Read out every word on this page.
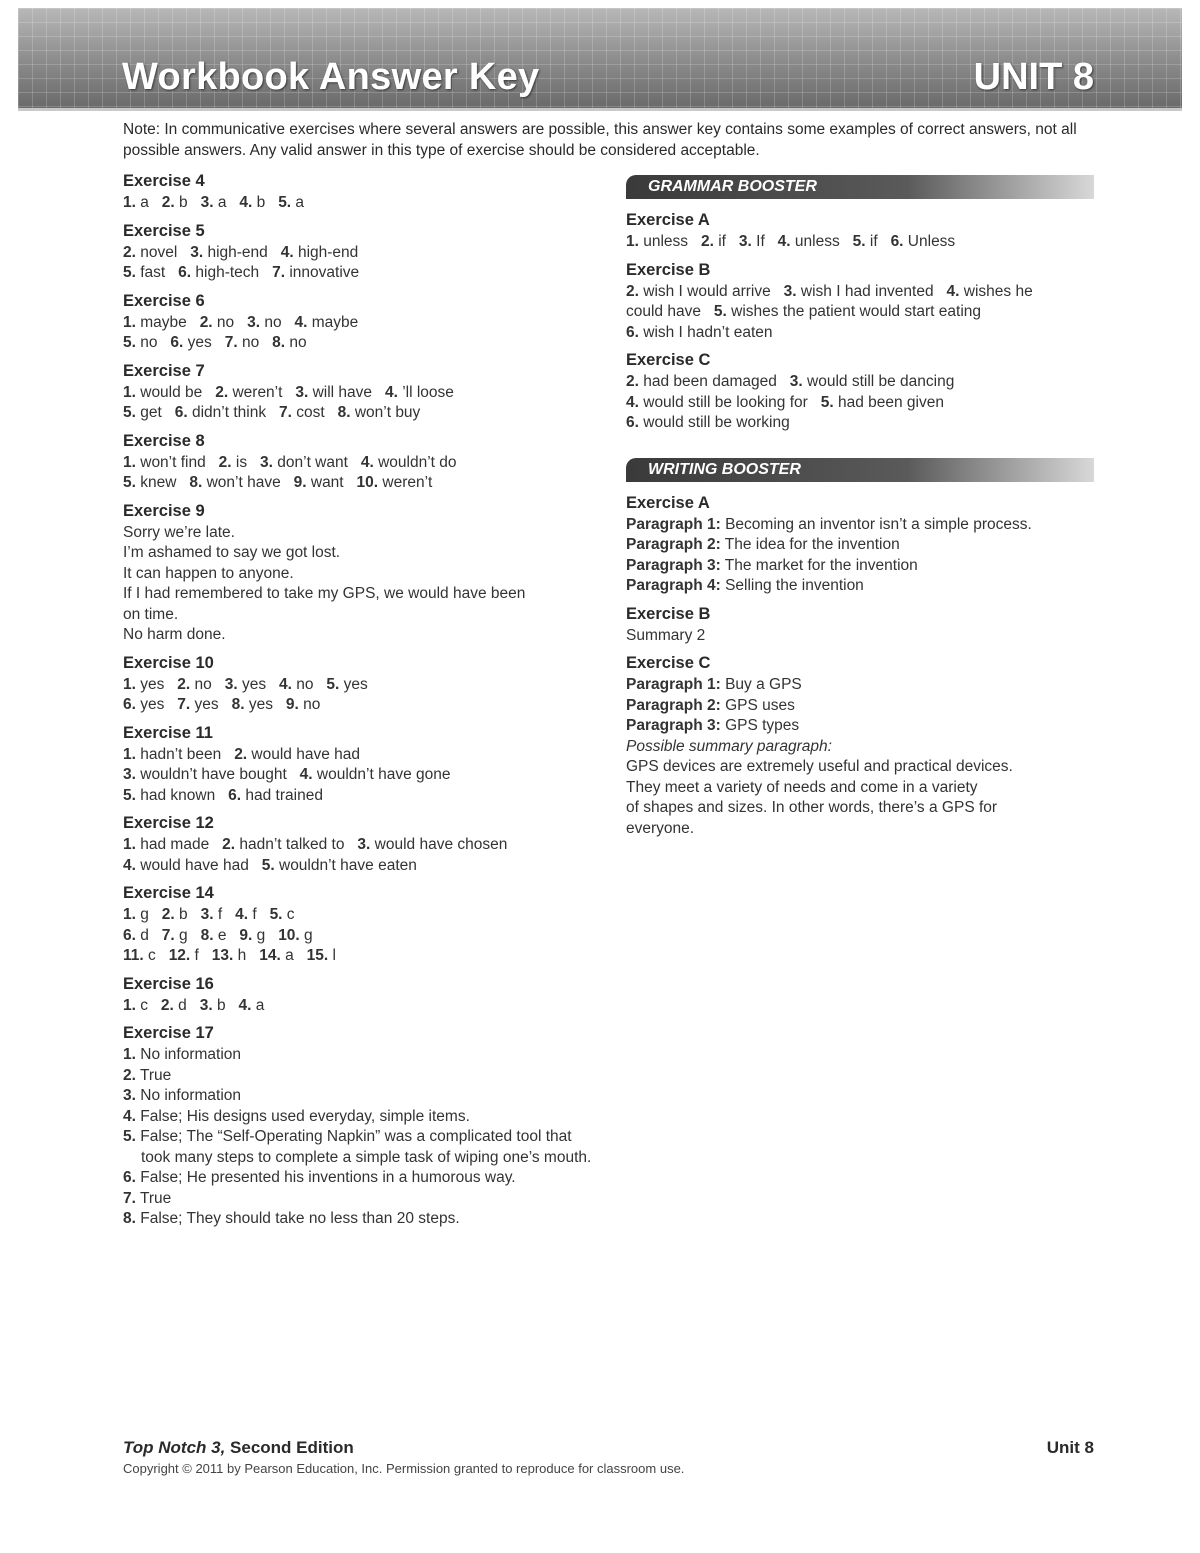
Workbook Answer Key	UNIT 8
Note: In communicative exercises where several answers are possible, this answer key contains some examples of correct answers, not all possible answers. Any valid answer in this type of exercise should be considered acceptable.
Exercise 4
1. a   2. b   3. a   4. b   5. a
Exercise 5
2. novel   3. high-end   4. high-end
5. fast   6. high-tech   7. innovative
Exercise 6
1. maybe   2. no   3. no   4. maybe
5. no   6. yes   7. no   8. no
Exercise 7
1. would be   2. weren’t   3. will have   4. ’ll loose
5. get   6. didn’t think   7. cost   8. won’t buy
Exercise 8
1. won’t find   2. is   3. don’t want   4. wouldn’t do
5. knew   8. won’t have   9. want   10. weren’t
Exercise 9
Sorry we’re late.
I’m ashamed to say we got lost.
It can happen to anyone.
If I had remembered to take my GPS, we would have been
on time.
No harm done.
Exercise 10
1. yes   2. no   3. yes   4. no   5. yes
6. yes   7. yes   8. yes   9. no
Exercise 11
1. hadn’t been   2. would have had
3. wouldn’t have bought   4. wouldn’t have gone
5. had known   6. had trained
Exercise 12
1. had made   2. hadn’t talked to   3. would have chosen
4. would have had   5. wouldn’t have eaten
Exercise 14
1. g   2. b   3. f   4. f   5. c
6. d   7. g   8. e   9. g   10. g
11. c   12. f   13. h   14. a   15. l
Exercise 16
1. c   2. d   3. b   4. a
Exercise 17
1. No information
2. True
3. No information
4. False; His designs used everyday, simple items.
5. False; The “Self-Operating Napkin” was a complicated tool that took many steps to complete a simple task of wiping one’s mouth.
6. False; He presented his inventions in a humorous way.
7. True
8. False; They should take no less than 20 steps.
GRAMMAR BOOSTER
Exercise A
1. unless   2. if   3. If   4. unless   5. if   6. Unless
Exercise B
2. wish I would arrive   3. wish I had invented   4. wishes he
could have   5. wishes the patient would start eating
6. wish I hadn’t eaten
Exercise C
2. had been damaged   3. would still be dancing
4. would still be looking for   5. had been given
6. would still be working
WRITING BOOSTER
Exercise A
Paragraph 1: Becoming an inventor isn’t a simple process.
Paragraph 2: The idea for the invention
Paragraph 3: The market for the invention
Paragraph 4: Selling the invention
Exercise B
Summary 2
Exercise C
Paragraph 1: Buy a GPS
Paragraph 2: GPS uses
Paragraph 3: GPS types
Possible summary paragraph:
GPS devices are extremely useful and practical devices.
They meet a variety of needs and come in a variety
of shapes and sizes. In other words, there’s a GPS for
everyone.
Top Notch 3, Second Edition
Copyright © 2011 by Pearson Education, Inc. Permission granted to reproduce for classroom use.
Unit 8
